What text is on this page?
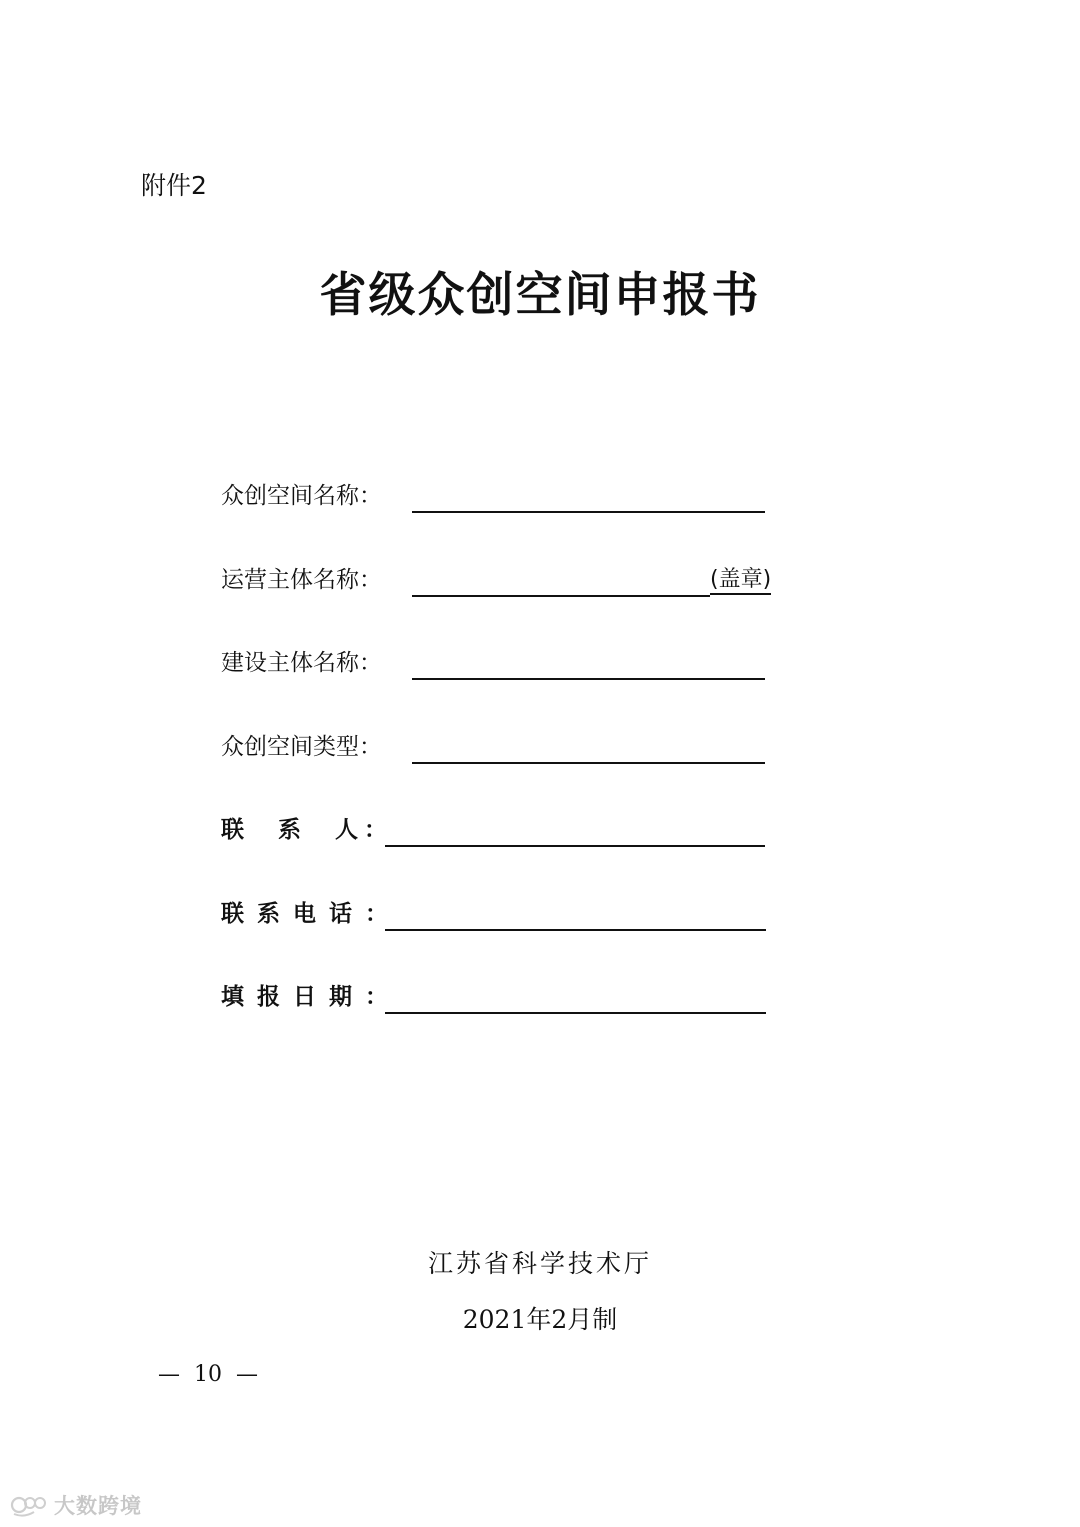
附件2
省级众创空间申报书
众创空间名称：
运营主体名称：	(盖章)
建设主体名称：
众创空间类型：
联  系  人：
联系电话：
填报日期：
江苏省科学技术厅
2021年2月制
—  10  —
大数跨境
